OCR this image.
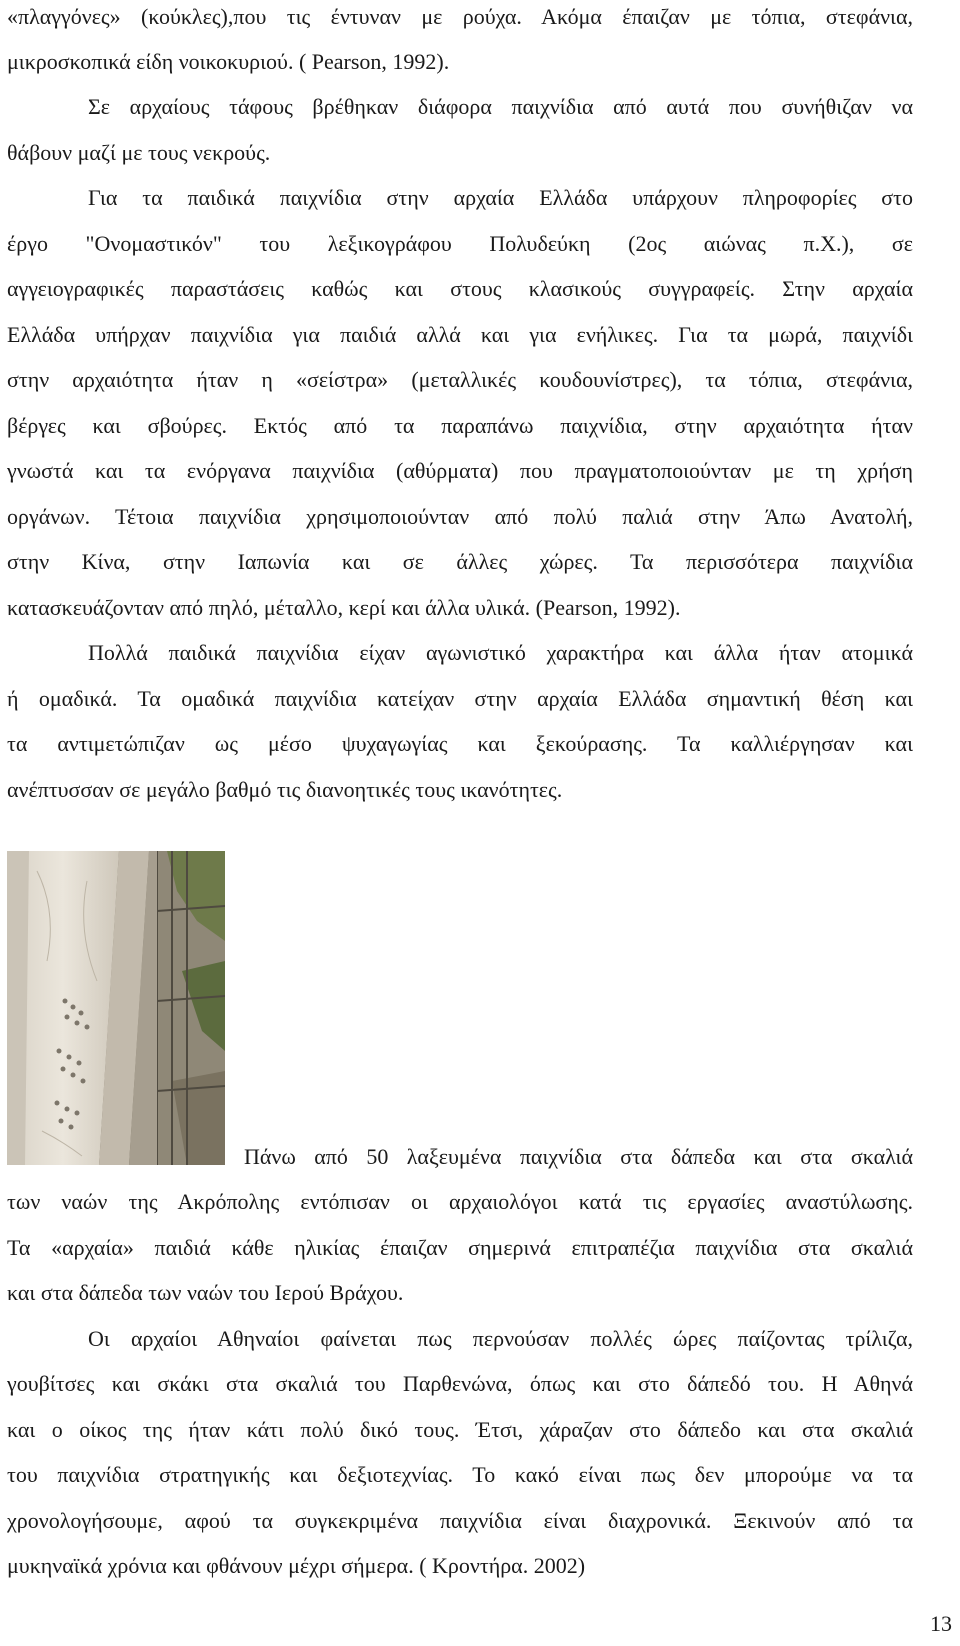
«πλαγγόνες» (κούκλες),που τις έντυναν με ρούχα. Ακόμα έπαιζαν με τόπια, στεφάνια,
μικροσκοπικά είδη νοικοκυριού. ( Pearson, 1992).
Σε αρχαίους τάφους βρέθηκαν διάφορα παιχνίδια από αυτά που συνήθιζαν να
θάβουν μαζί με τους νεκρούς.
Για τα παιδικά παιχνίδια στην αρχαία Ελλάδα υπάρχουν πληροφορίες στο
έργο "Ονομαστικόν" του λεξικογράφου Πολυδεύκη (2ος αιώνας π.Χ.), σε
αγγειογραφικές παραστάσεις καθώς και στους κλασικούς συγγραφείς. Στην αρχαία
Ελλάδα υπήρχαν παιχνίδια για παιδιά αλλά και για ενήλικες. Για τα μωρά, παιχνίδι
στην αρχαιότητα ήταν η «σείστρα» (μεταλλικές κουδουνίστρες), τα τόπια, στεφάνια,
βέργες και σβούρες. Εκτός από τα παραπάνω παιχνίδια, στην αρχαιότητα ήταν
γνωστά και τα ενόργανα παιχνίδια (αθύρματα) που πραγματοποιούνταν με τη χρήση
οργάνων. Τέτοια παιχνίδια χρησιμοποιούνταν από πολύ παλιά στην Άπω Ανατολή,
στην Κίνα, στην Ιαπωνία και σε άλλες χώρες. Τα περισσότερα παιχνίδια
κατασκευάζονταν από πηλό, μέταλλο, κερί και άλλα υλικά. (Pearson, 1992).
Πολλά παιδικά παιχνίδια είχαν αγωνιστικό χαρακτήρα και άλλα ήταν ατομικά
ή ομαδικά. Τα ομαδικά παιχνίδια κατείχαν στην αρχαία Ελλάδα σημαντική θέση και
τα αντιμετώπιζαν ως μέσο ψυχαγωγίας και ξεκούρασης. Τα καλλιέργησαν και
ανέπτυσσαν σε μεγάλο βαθμό τις διανοητικές τους ικανότητες.
Πάνω από 50 λαξευμένα παιχνίδια στα δάπεδα και στα σκαλιά
των ναών της Ακρόπολης εντόπισαν οι αρχαιολόγοι κατά τις εργασίες αναστύλωσης.
Τα «αρχαία» παιδιά κάθε ηλικίας έπαιζαν σημερινά επιτραπέζια παιχνίδια στα σκαλιά
και στα δάπεδα των ναών του Ιερού Βράχου.
Οι αρχαίοι Αθηναίοι φαίνεται πως περνούσαν πολλές ώρες παίζοντας τρίλιζα,
γουβίτσες και σκάκι στα σκαλιά του Παρθενώνα, όπως και στο δάπεδό του. Η Αθηνά
και ο οίκος της ήταν κάτι πολύ δικό τους. Έτσι, χάραζαν στο δάπεδο και στα σκαλιά
του παιχνίδια στρατηγικής και δεξιοτεχνίας. Το κακό είναι πως δεν μπορούμε να τα
χρονολογήσουμε, αφού τα συγκεκριμένα παιχνίδια είναι διαχρονικά. Ξεκινούν από τα
μυκηναϊκά χρόνια και φθάνουν μέχρι σήμερα. ( Κροντήρα. 2002)
13
